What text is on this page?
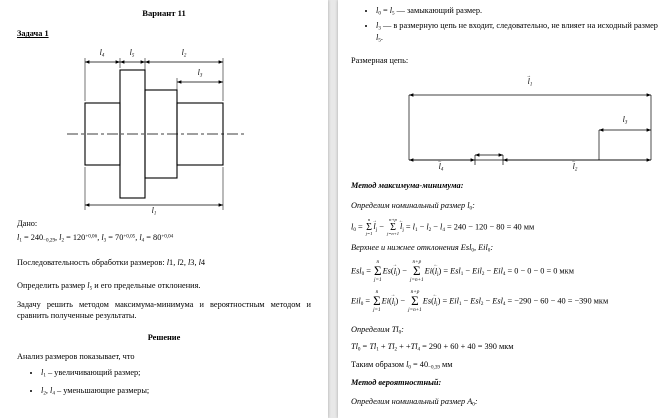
Вариант 11
Задача 1
l4	l5	l2
l3
l1
Дано:
l1 = 240−0,29, $l2 = 120^{+0,06}$, $l3 = 70^{+0,05}$, $l4 = 80^{+0,04}$
Последовательность обработки размеров: l1, l2, l3, l4
Определить размер l5 и его предельные отклонения.
Задачу решить методом максимума-минимума и вероятностным методом и сравнить полученные результаты.
Решение
Анализ размеров показывает, что
• l1 – увеличивающий размер;
• l2, l4 – уменьшающие размеры;
• l0 = l5 — замыкающий размер.
• l3 — в размерную цепь не входит, следовательно, не влияет на исходный размер l5.
Размерная цепь:
l →1
l3
l ←4	l ←2
Метод максимума-минимума:
Определим номинальный размер l0:
l0 =
n
Σ
j=1
l →j −
n+p
Σ
j=n+1
l ←j = l1 − l2 − l4 = 240 − 120 − 80 = 40 мм
Верхнее и нижнее отклонения Esl0, Eil0:
Esl0 =
n
Σ
j=1
Es(l →j) −
n+p
Σ
j=n+1
Ei(l ←j) = Esl1 − Eil2 − Eil4 = 0 − 0 − 0 = 0 мкм
Eil0 =
n
Σ
j=1
Ei(l →j) −
n+p
Σ
j=n+1
Es(l ←j) = Eil1 − Esl2 − Esl4 = −290 − 60 − 40 = −390 мкм
Определим Tl0:
Tl0 = Tl1 + Tl2 + +Tl4 = 290 + 60 + 40 = 390 мкм
Таким образом l0 = 40−0,39 мм
Метод вероятностный:
Определим номинальный размер A0:
